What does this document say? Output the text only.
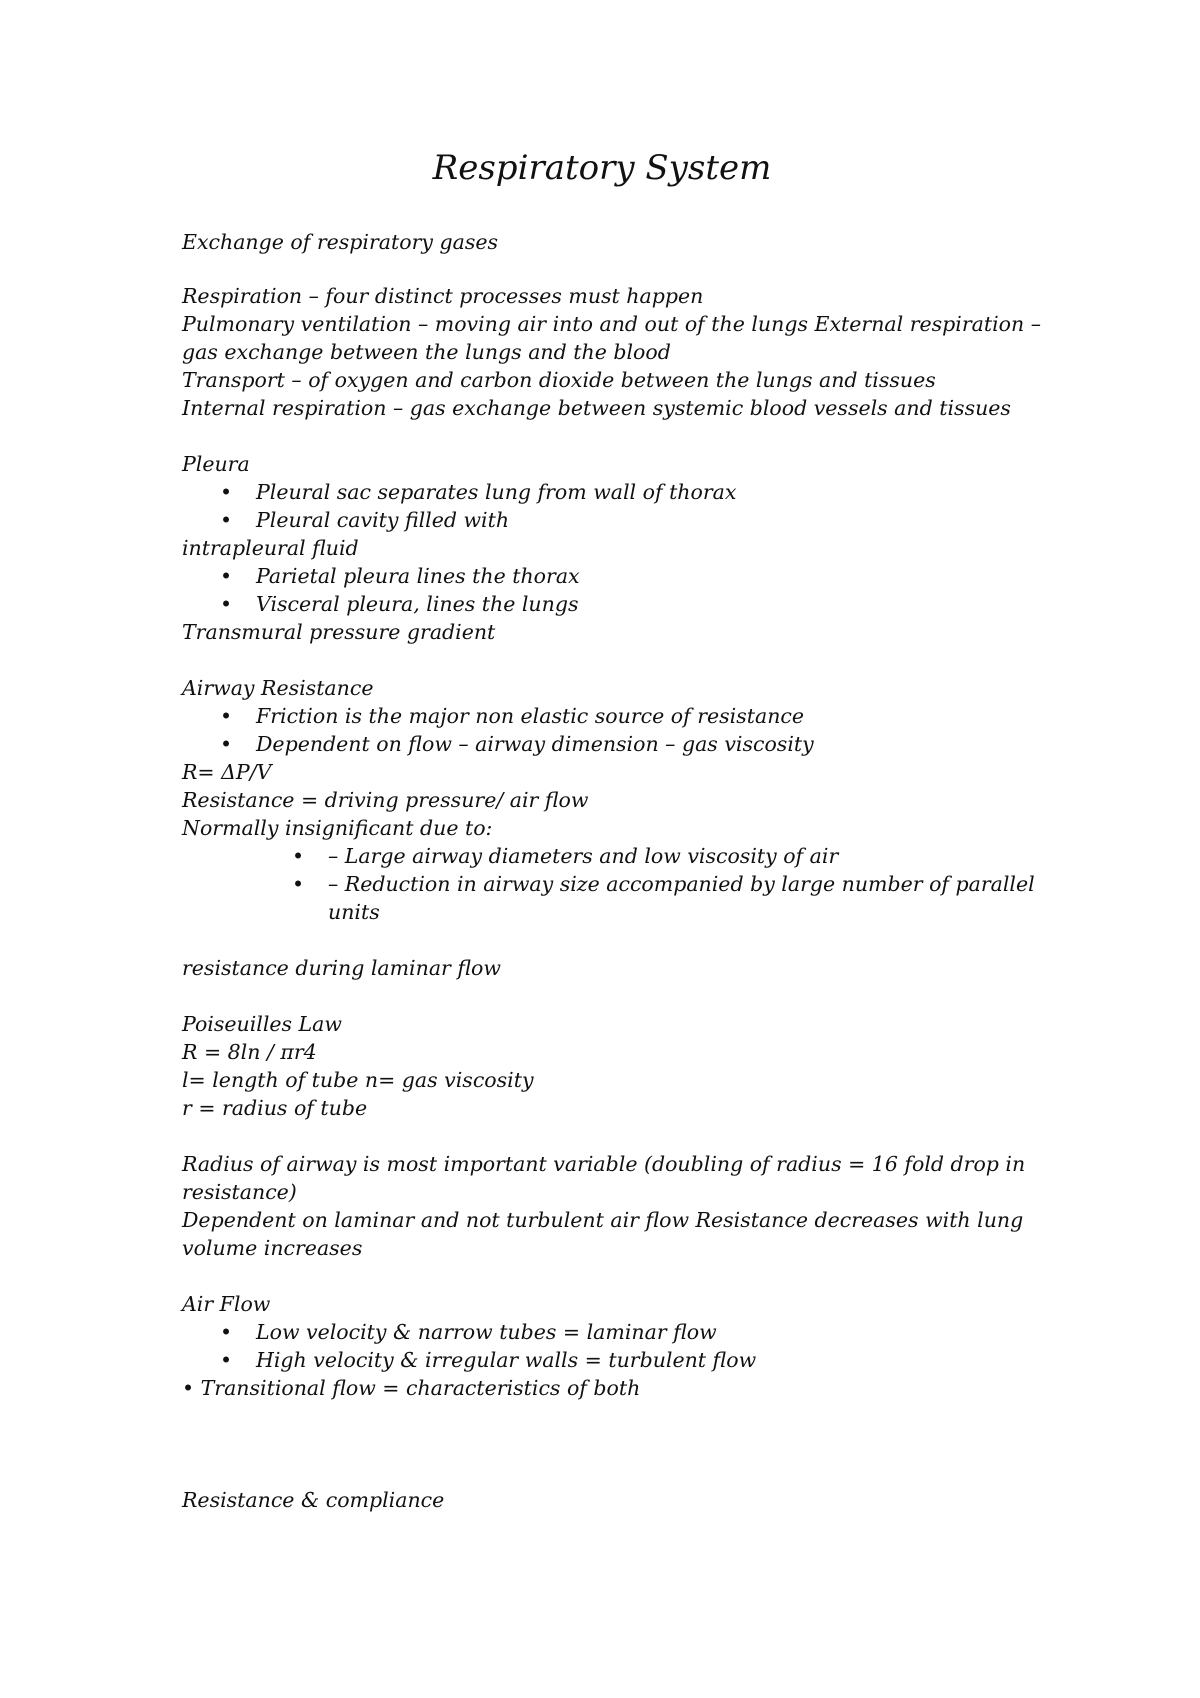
Respiratory System
Exchange of respiratory gases
Respiration – four distinct processes must happen
Pulmonary ventilation – moving air into and out of the lungs External respiration –
gas exchange between the lungs and the blood
Transport – of oxygen and carbon dioxide between the lungs and tissues
Internal respiration – gas exchange between systemic blood vessels and tissues
Pleura
• Pleural sac separates lung from wall of thorax
• Pleural cavity filled with
intrapleural fluid
• Parietal pleura lines the thorax
• Visceral pleura, lines the lungs
Transmural pressure gradient
Airway Resistance
• Friction is the major non elastic source of resistance
• Dependent on flow – airway dimension – gas viscosity
R= ΔP/V
Resistance = driving pressure/ air flow
Normally insignificant due to:
• – Large airway diameters and low viscosity of air
• – Reduction in airway size accompanied by large number of parallel
units
resistance during laminar flow
Poiseuilles Law
R = 8ln / πr4
l= length of tube n= gas viscosity
r = radius of tube
Radius of airway is most important variable (doubling of radius = 16 fold drop in
resistance)
Dependent on laminar and not turbulent air flow Resistance decreases with lung
volume increases
Air Flow
• Low velocity & narrow tubes = laminar flow
• High velocity & irregular walls = turbulent flow
• Transitional flow = characteristics of both
Resistance & compliance
